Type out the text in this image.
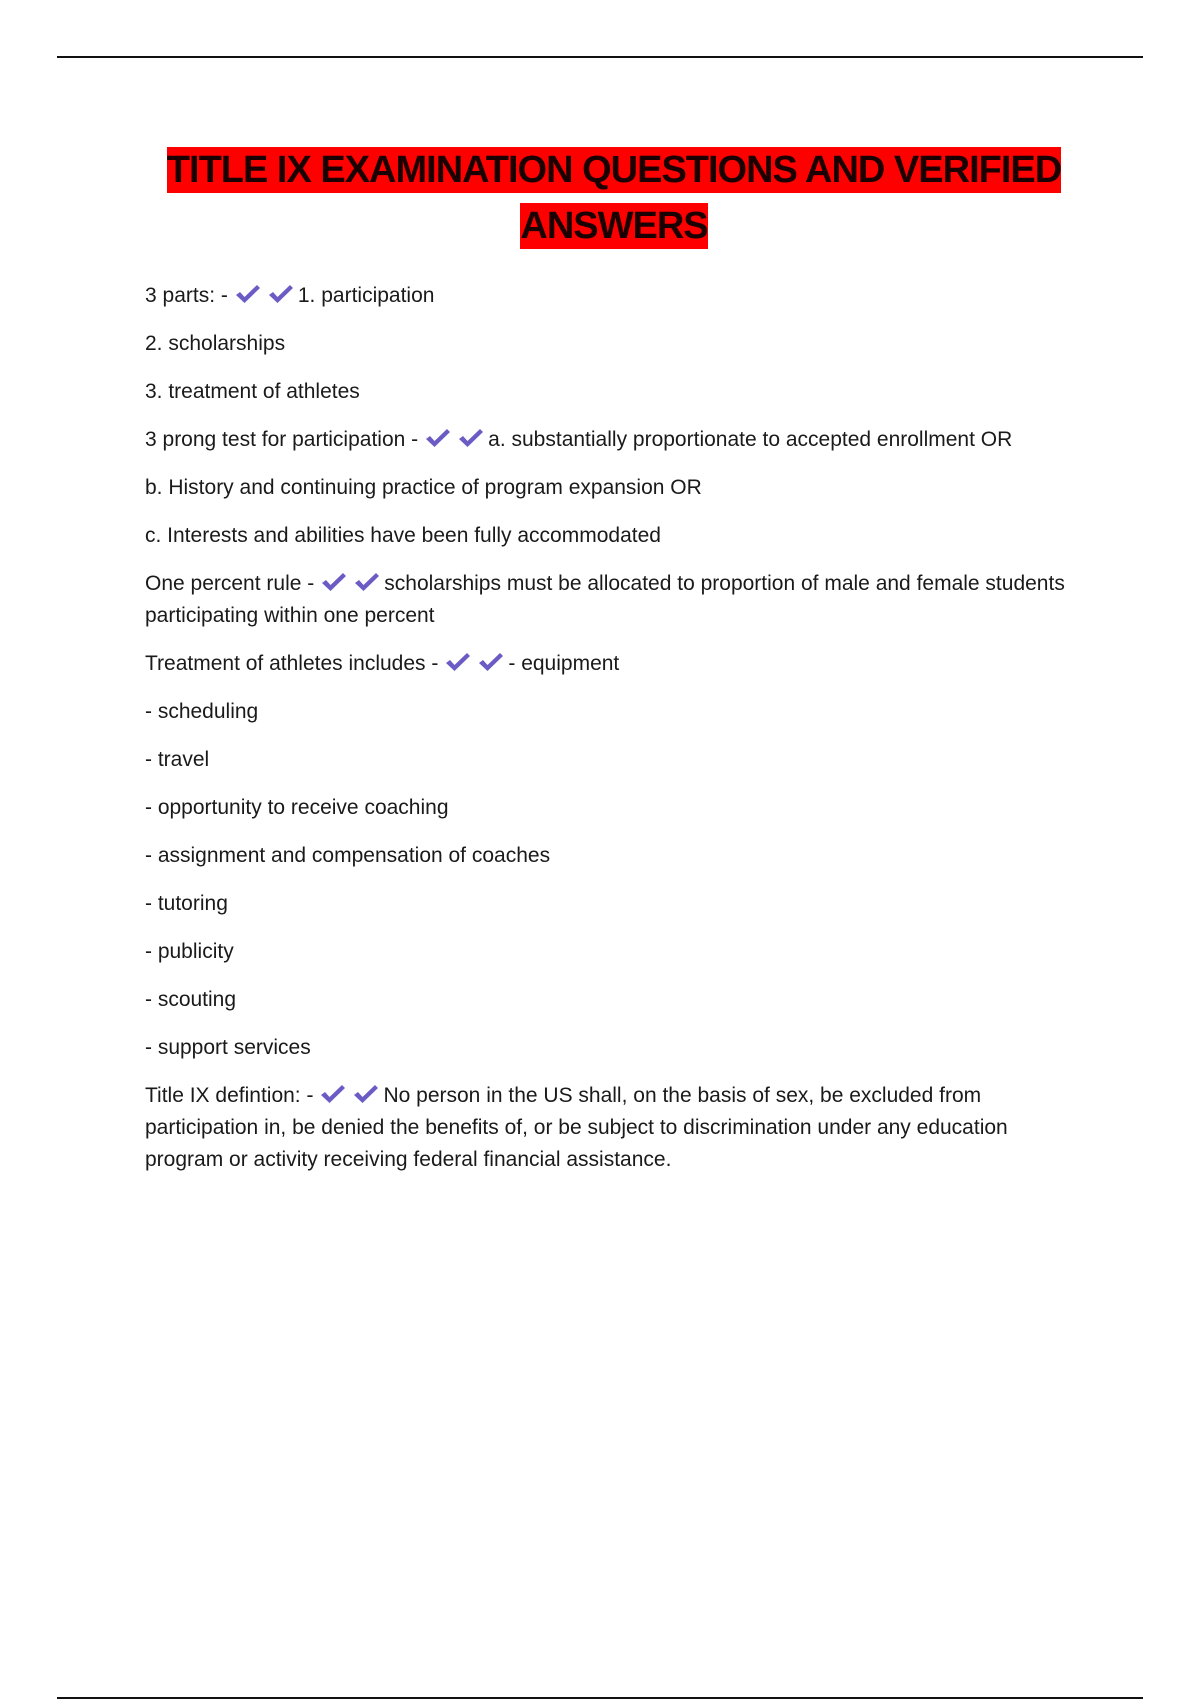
TITLE IX EXAMINATION QUESTIONS AND VERIFIED ANSWERS
3 parts: -	1. participation
2. scholarships
3. treatment of athletes
3 prong test for participation -	a. substantially proportionate to accepted enrollment OR
b. History and continuing practice of program expansion OR
c. Interests and abilities have been fully accommodated
One percent rule -	scholarships must be allocated to proportion of male and female students participating within one percent
Treatment of athletes includes -	- equipment
- scheduling
- travel
- opportunity to receive coaching
- assignment and compensation of coaches
- tutoring
- publicity
- scouting
- support services
Title IX defintion: -	No person in the US shall, on the basis of sex, be excluded from participation in, be denied the benefits of, or be subject to discrimination under any education program or activity receiving federal financial assistance.
